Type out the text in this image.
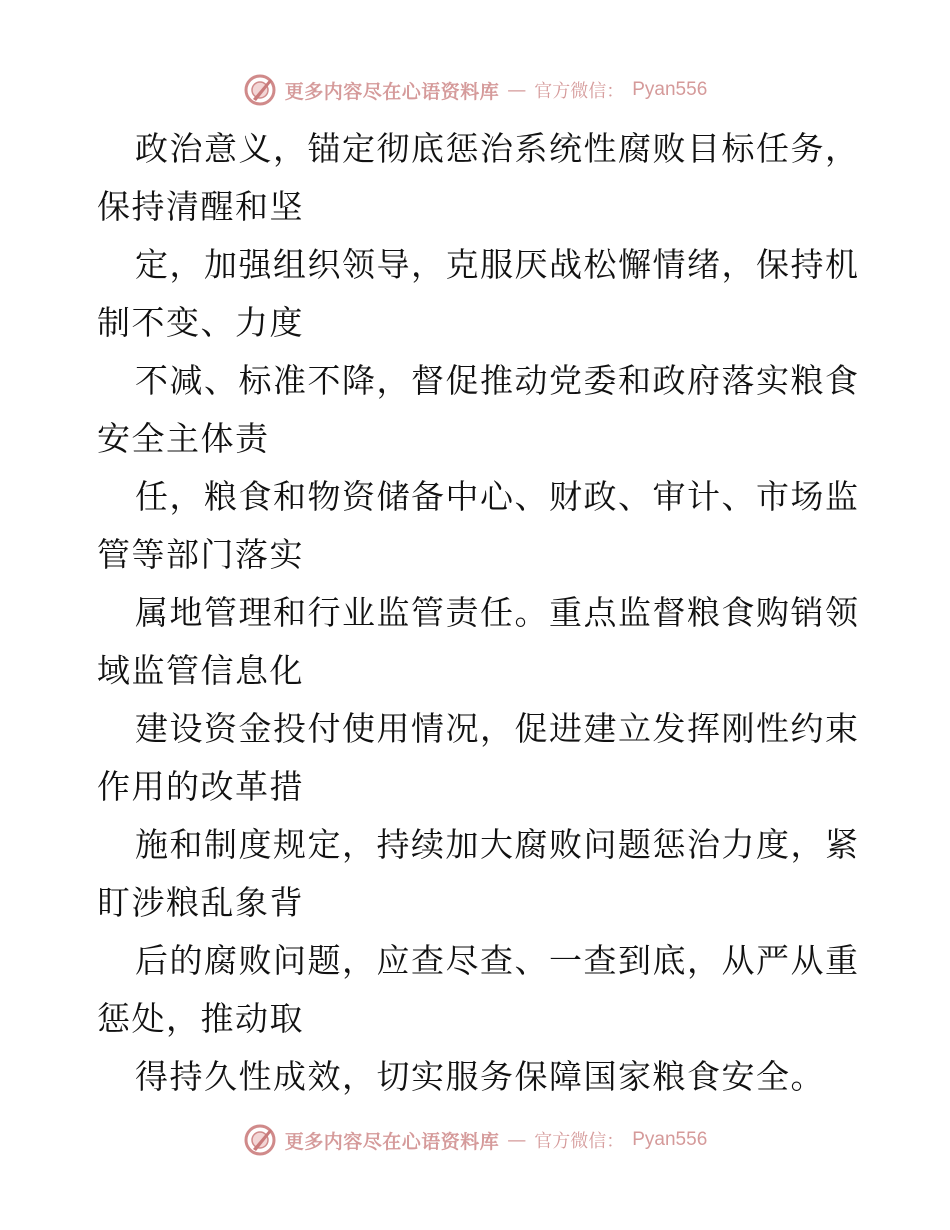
更多内容尽在心语资料库 — 官方微信： Pyan556
政治意义，锚定彻底惩治系统性腐败目标任务，
保持清醒和坚
定，加强组织领导，克服厌战松懈情绪，保持机
制不变、力度
不减、标准不降，督促推动党委和政府落实粮食
安全主体责
任，粮食和物资储备中心、财政、审计、市场监
管等部门落实
属地管理和行业监管责任。重点监督粮食购销领
域监管信息化
建设资金投付使用情况，促进建立发挥刚性约束
作用的改革措
施和制度规定，持续加大腐败问题惩治力度，紧
盯涉粮乱象背
后的腐败问题，应查尽查、一查到底，从严从重
惩处，推动取
得持久性成效，切实服务保障国家粮食安全。
更多内容尽在心语资料库 — 官方微信： Pyan556
